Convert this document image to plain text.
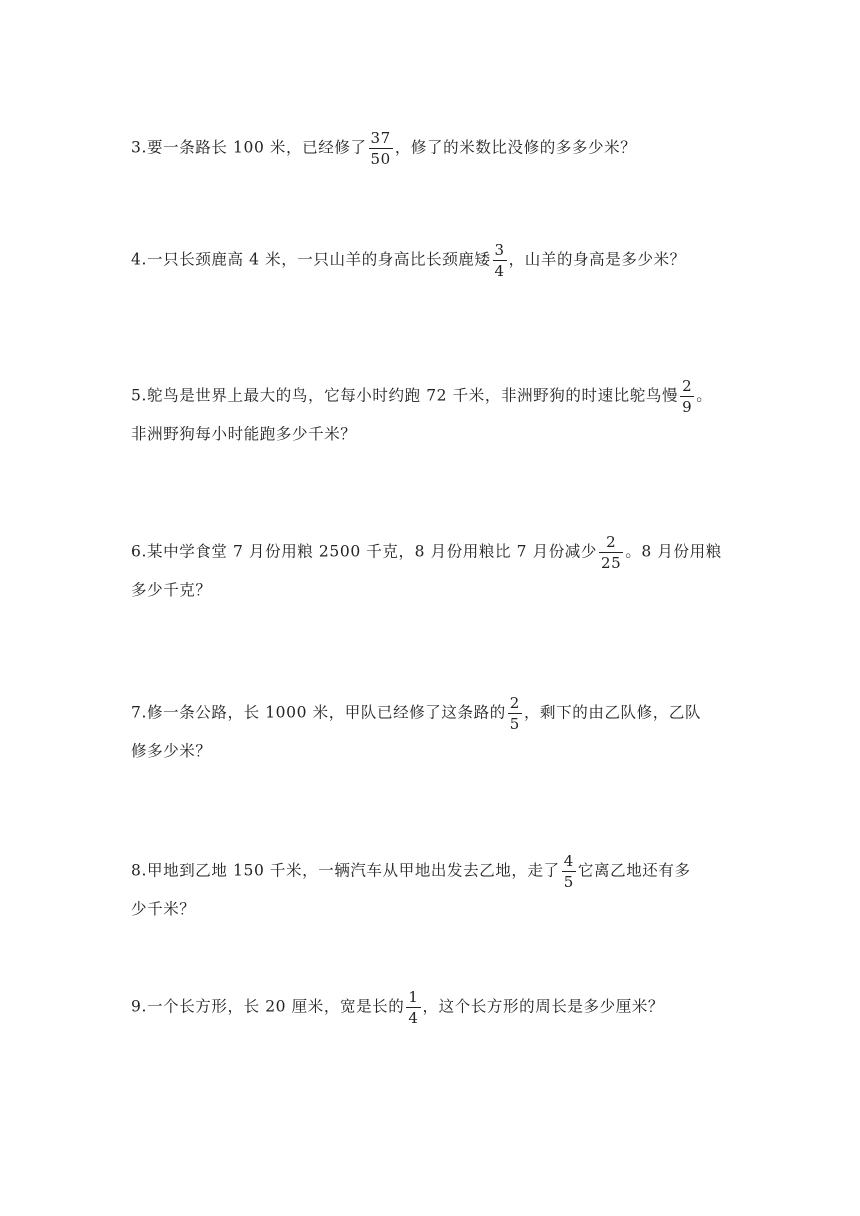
3.要一条路长 100 米，已经修了 $\frac{37}{50}$ ，修了的米数比没修的多多少米？
4.一只长颈鹿高 4 米，一只山羊的身高比长颈鹿矮 $\frac{3}{4}$ ，山羊的身高是多少米？
5.鸵鸟是世界上最大的鸟，它每小时约跑 72 千米，非洲野狗的时速比鸵鸟慢 $\frac{2}{9}$ 。
非洲野狗每小时能跑多少千米？
6.某中学食堂 7 月份用粮 2500 千克，8 月份用粮比 7 月份减少 $\frac{2}{25}$ 。8 月份用粮
多少千克？
7.修一条公路，长 1000 米，甲队已经修了这条路的 $\frac{2}{5}$ ，剩下的由乙队修，乙队
修多少米？
8.甲地到乙地 150 千米，一辆汽车从甲地出发去乙地，走了 $\frac{4}{5}$ 它离乙地还有多
少千米？
9.一个长方形，长 20 厘米，宽是长的 $\frac{1}{4}$ ，这个长方形的周长是多少厘米？
